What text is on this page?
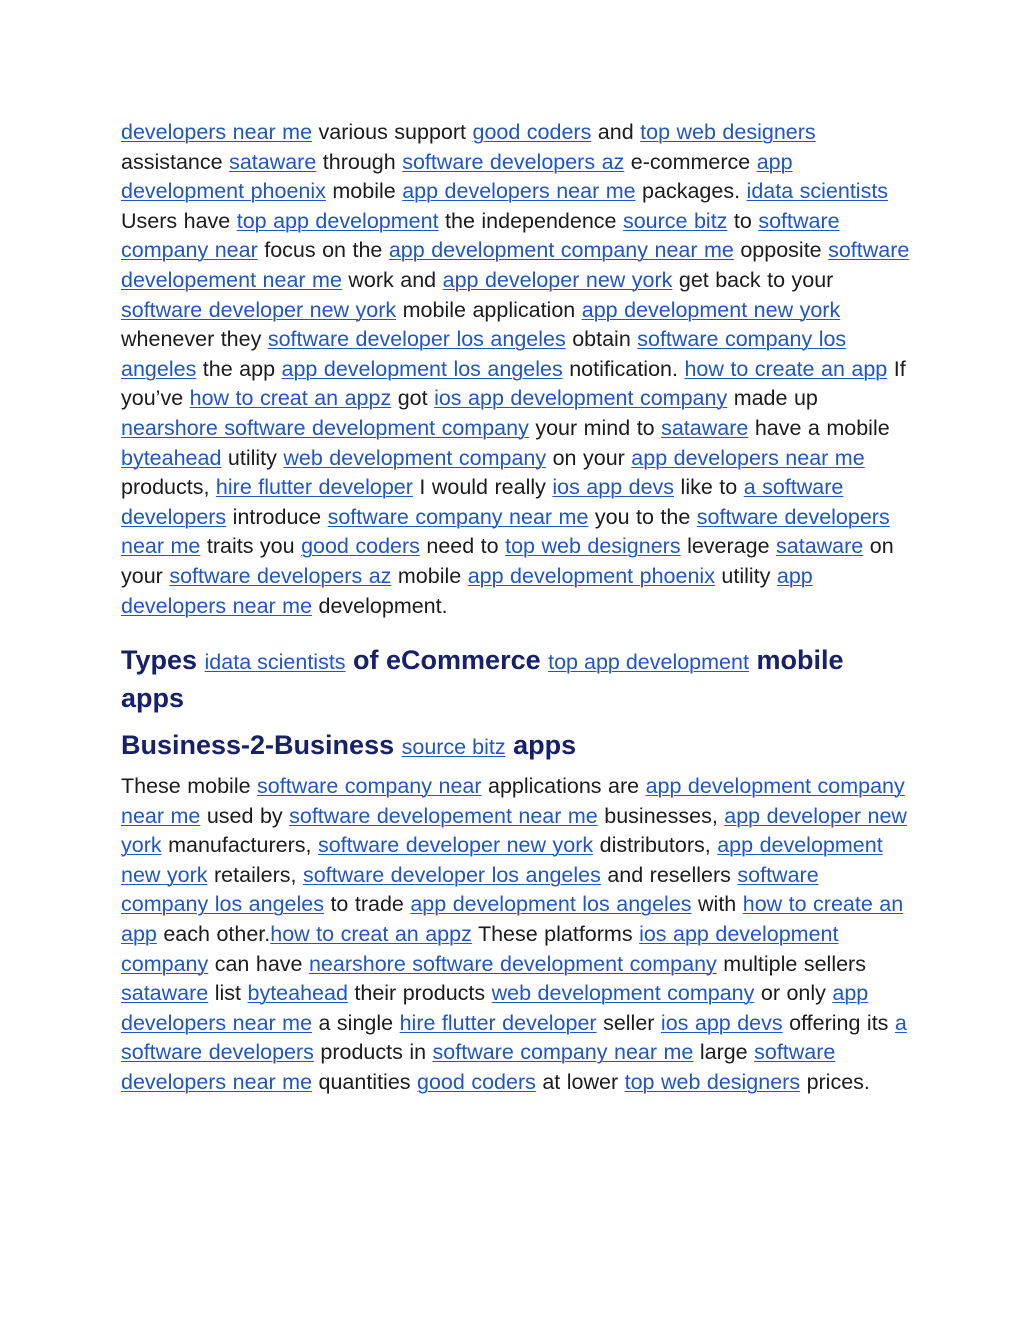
developers near me various support good coders and top web designers assistance sataware through software developers az e-commerce app development phoenix mobile app developers near me packages. idata scientists Users have top app development the independence source bitz to software company near focus on the app development company near me opposite software developement near me work and app developer new york get back to your software developer new york mobile application app development new york whenever they software developer los angeles obtain software company los angeles the app app development los angeles notification. how to create an app If you’ve how to creat an appz got ios app development company made up nearshore software development company your mind to sataware have a mobile byteahead utility web development company on your app developers near me products, hire flutter developer I would really ios app devs like to a software developers introduce software company near me you to the software developers near me traits you good coders need to top web designers leverage sataware on your software developers az mobile app development phoenix utility app developers near me development.

Types idata scientists of eCommerce top app development mobile apps
Business-2-Business source bitz apps

These mobile software company near applications are app development company near me used by software developement near me businesses, app developer new york manufacturers, software developer new york distributors, app development new york retailers, software developer los angeles and resellers software company los angeles to trade app development los angeles with how to create an app each other.how to creat an appz These platforms ios app development company can have nearshore software development company multiple sellers sataware list byteahead their products web development company or only app developers near me a single hire flutter developer seller ios app devs offering its a software developers products in software company near me large software developers near me quantities good coders at lower top web designers prices.
